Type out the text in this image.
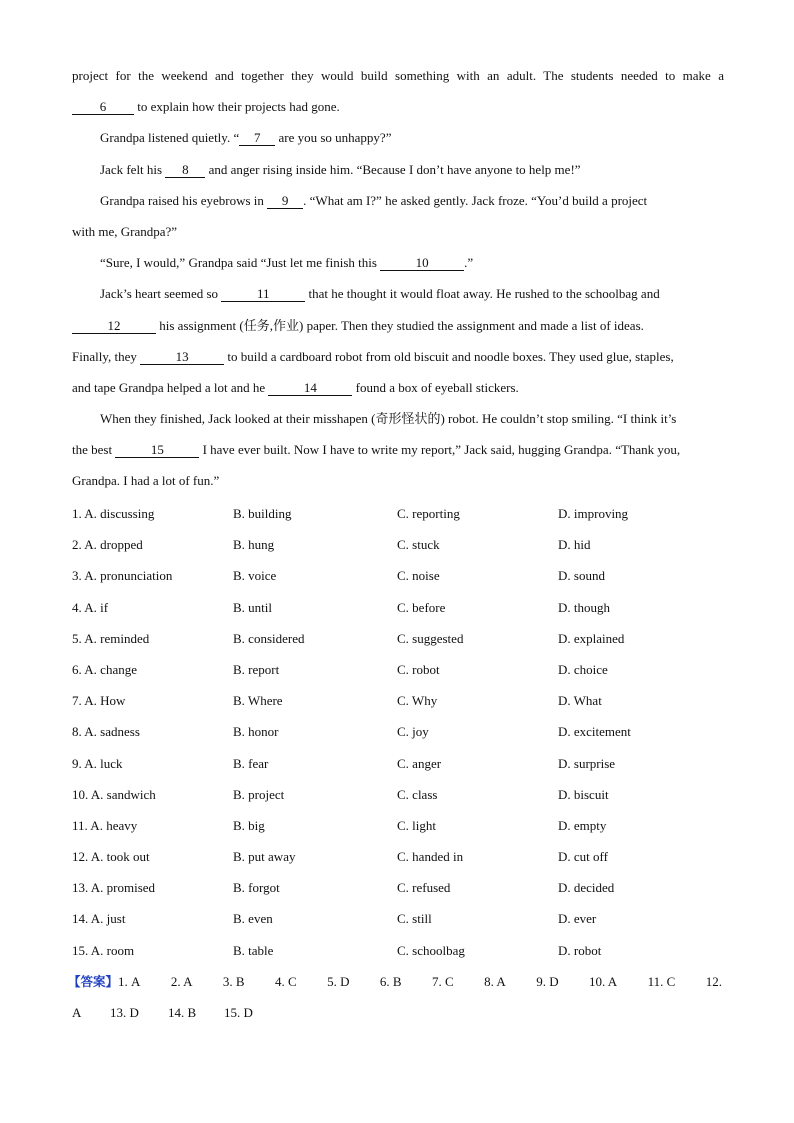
project for the weekend and together they would build something with an adult. The students needed to make a
6 to explain how their projects had gone.
Grandpa listened quietly. “ 7 are you so unhappy?”
Jack felt his 8 and anger rising inside him. “Because I don’t have anyone to help me!”
Grandpa raised his eyebrows in 9 . “What am I?” he asked gently. Jack froze. “You’d build a project
with me, Grandpa?”
“Sure, I would,” Grandpa said “Just let me finish this	10	.”
Jack’s heart seemed so	11	that he thought it would float away. He rushed to the schoolbag and
12	his assignment (任务,作业) paper. Then they studied the assignment and made a list of ideas.
Finally, they	13	to build a cardboard robot from old biscuit and noodle boxes. They used glue, staples,
and tape Grandpa helped a lot and he	14	found a box of eyeball stickers.
When they finished, Jack looked at their misshapen (奇形怪状的) robot. He couldn’t stop smiling. “I think it’s
the best	15	I have ever built. Now I have to write my report,” Jack said, hugging Grandpa. “Thank you,
Grandpa. I had a lot of fun.”
1. A. discussing	B. building	C. reporting	D. improving
2. A. dropped	B. hung	C. stuck	D. hid
3. A. pronunciation	B. voice	C. noise	D. sound
4. A. if	B. until	C. before	D. though
5. A. reminded	B. considered	C. suggested	D. explained
6. A. change	B. report	C. robot	D. choice
7. A. How	B. Where	C. Why	D. What
8. A. sadness	B. honor	C. joy	D. excitement
9. A. luck	B. fear	C. anger	D. surprise
10. A. sandwich	B. project	C. class	D. biscuit
11. A. heavy	B. big	C. light	D. empty
12. A. took out	B. put away	C. handed in	D. cut off
13. A. promised	B. forgot	C. refused	D. decided
14. A. just	B. even	C. still	D. ever
15. A. room	B. table	C. schoolbag	D. robot
【答案】1. A 2. A 3. B 4. C 5. D 6. B 7. C 8. A 9. D 10. A 11. C 12.
A 13. D 14. B 15. D
